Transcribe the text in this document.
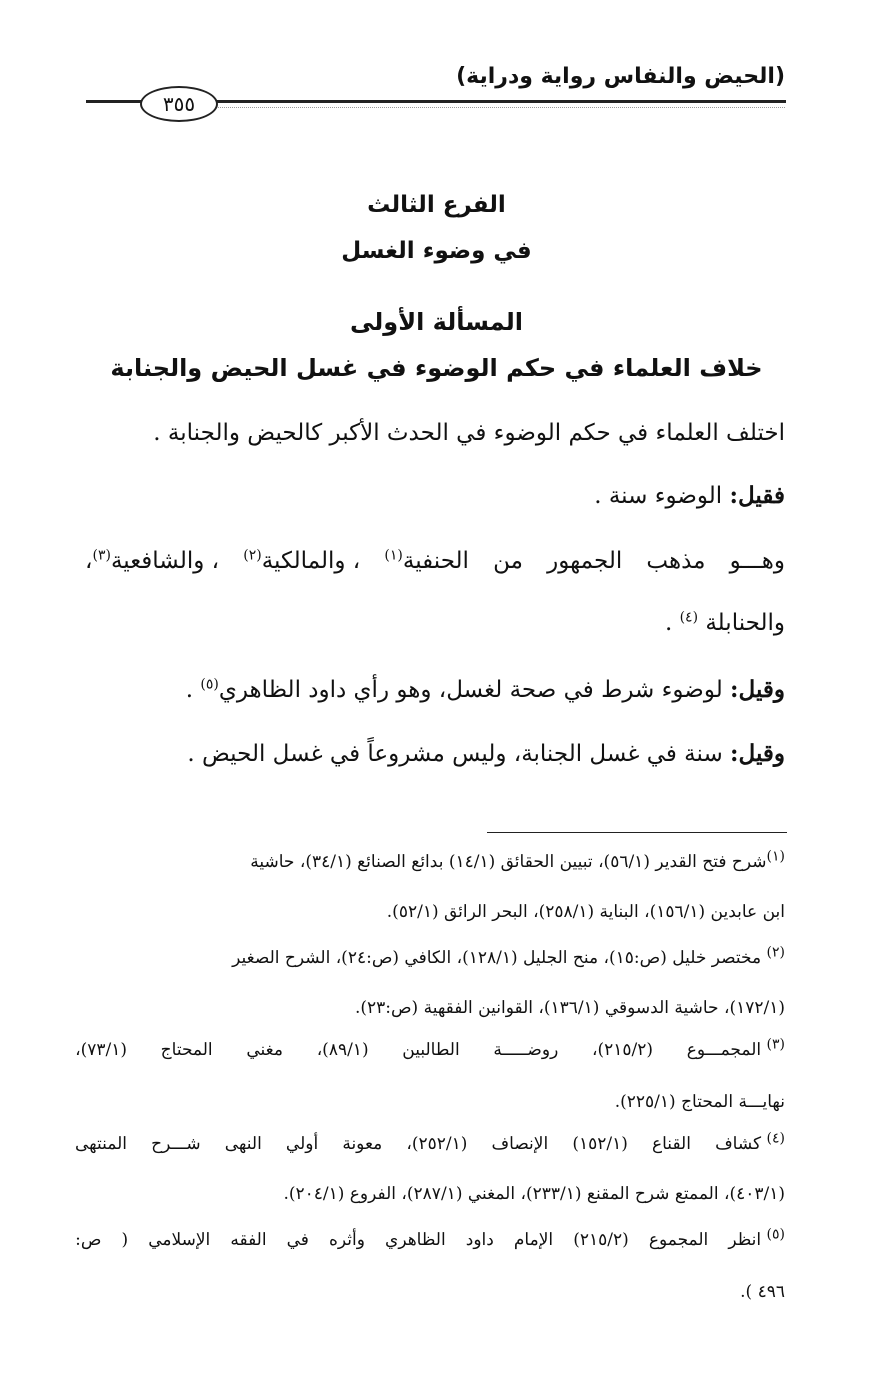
(الحيض والنفاس رواية ودراية)
٣٥٥
الفرع الثالث
في وضوء الغسل
المسألة الأولى
خلاف العلماء في حكم الوضوء في غسل الحيض والجنابة
اختلف العلماء في حكم الوضوء في الحدث الأكبر كالحيض والجنابة .
فقيل: الوضوء سنة .
وهـــو
مذهب
الجمهور
من
الحنفية$^{(١)}$
، والمالكية$^{(٢)}$
، والشافعية$^{(٣)}$،
والحنابلة $^{(٤)}$ .
وقيل: لوضوء شرط في صحة لغسل، وهو رأي داود الظاهري$^{(٥)}$ .
وقيل: سنة في غسل الجنابة، وليس مشروعاً في غسل الحيض .
$^{(١)}$شرح فتح القدير (٥٦/١)، تبيين الحقائق (١٤/١) بدائع الصنائع (٣٤/١)، حاشية
ابن عابدين (١٥٦/١)، البناية (٢٥٨/١)، البحر الرائق (٥٢/١).
$^{(٢)}$ مختصر خليل (ص:١٥)، منح الجليل (١٢٨/١)، الكافي (ص:٢٤)، الشرح الصغير
(١٧٢/١)، حاشية الدسوقي (١٣٦/١)، القوانين الفقهية (ص:٢٣).
$^{(٣)}$ المجمـــوع
(٢١٥/٢)،
روضـــــة
الطالبين
(٨٩/١)،
مغني
المحتاج
(٧٣/١)،
نهايـــة المحتاج (٢٢٥/١).
$^{(٤)}$ كشاف
القناع
(١٥٢/١)
الإنصاف
(٢٥٢/١)،
معونة
أولي
النهى
شـــرح
المنتهى
(٤٠٣/١)، الممتع شرح المقنع (٢٣٣/١)، المغني (٢٨٧/١)، الفروع (٢٠٤/١).
$^{(٥)}$ انظر
المجموع
(٢١٥/٢)
الإمام
داود
الظاهري
وأثره
في
الفقه
الإسلامي
(
ص:
٤٩٦ ).
